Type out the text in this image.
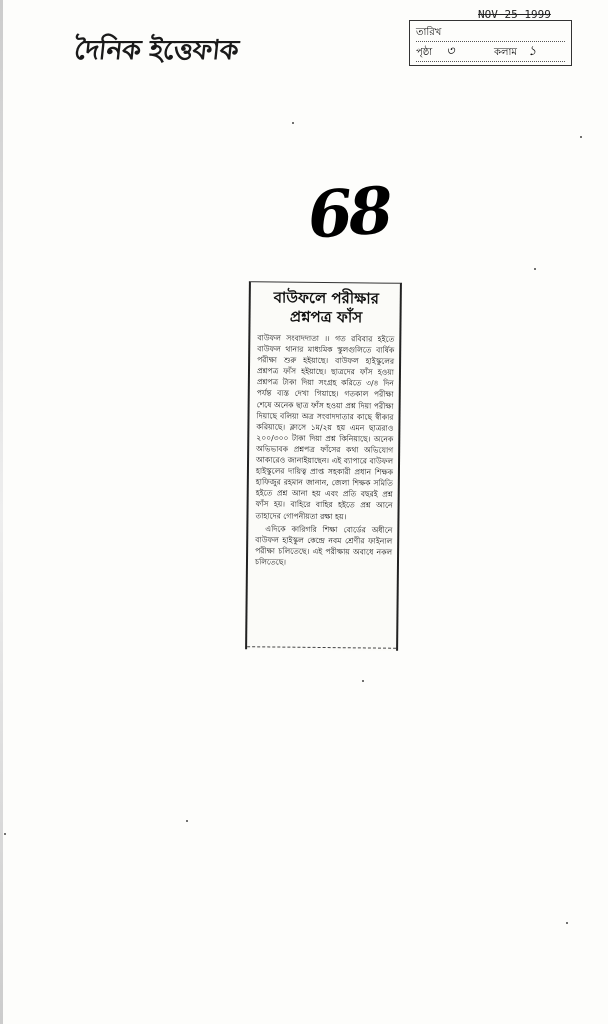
দৈনিক ইত্তেফাক
NOV 25 1999
তারিখ
পৃষ্ঠা ৩	কলাম ১
68
বাউফলে পরীক্ষার
প্রশ্নপত্র ফাঁস

বাউফল সংবাদদাতা ।। গত রবিবার হইতে বাউফল থানার মাধ্যমিক স্কুলগুলিতে বার্ষিক পরীক্ষা শুরু হইয়াছে। বাউফল হাইস্কুলের প্রশ্নপত্র ফাঁস হইয়াছে। ছাত্রদের ফাঁস হওয়া প্রশ্নপত্র টাকা দিয়া সংগ্রহ করিতে ৩/৪ দিন পর্যন্ত ব্যস্ত দেখা গিয়াছে। গতকাল পরীক্ষা শেষে অনেক ছাত্র ফাঁস হওয়া প্রশ্ন দিয়া পরীক্ষা দিয়াছে বলিয়া অত্র সংবাদদাতার কাছে স্বীকার করিয়াছে। ক্লাসে ১ম/২য় হয় এমন ছাত্ররাও ২০০/৩০০ টাকা দিয়া প্রশ্ন কিনিয়াছে। অনেক অভিভাবক প্রশ্নপত্র ফাঁসের কথা অভিযোগ আকারেও জানাইয়াছেন। এই ব্যাপারে বাউফল হাইস্কুলের দায়িত্ব প্রাপ্ত সহকারী প্রধান শিক্ষক হাফিজুর রহমান জানান, জেলা শিক্ষক সমিতি হইতে প্রশ্ন আনা হয় এবং প্রতি বছরই প্রশ্ন ফাঁস হয়। বাহিরে বাহির হইতে প্রশ্ন আনে তাহাদের গোপনীয়তা রক্ষা হয়।

এদিকে কারিগরি শিক্ষা বোর্ডের অধীনে বাউফল হাইস্কুল কেন্দ্রে নবম শ্রেণীর ফাইনাল পরীক্ষা চলিতেছে। এই পরীক্ষায় অবাধে নকল চলিতেছে।
